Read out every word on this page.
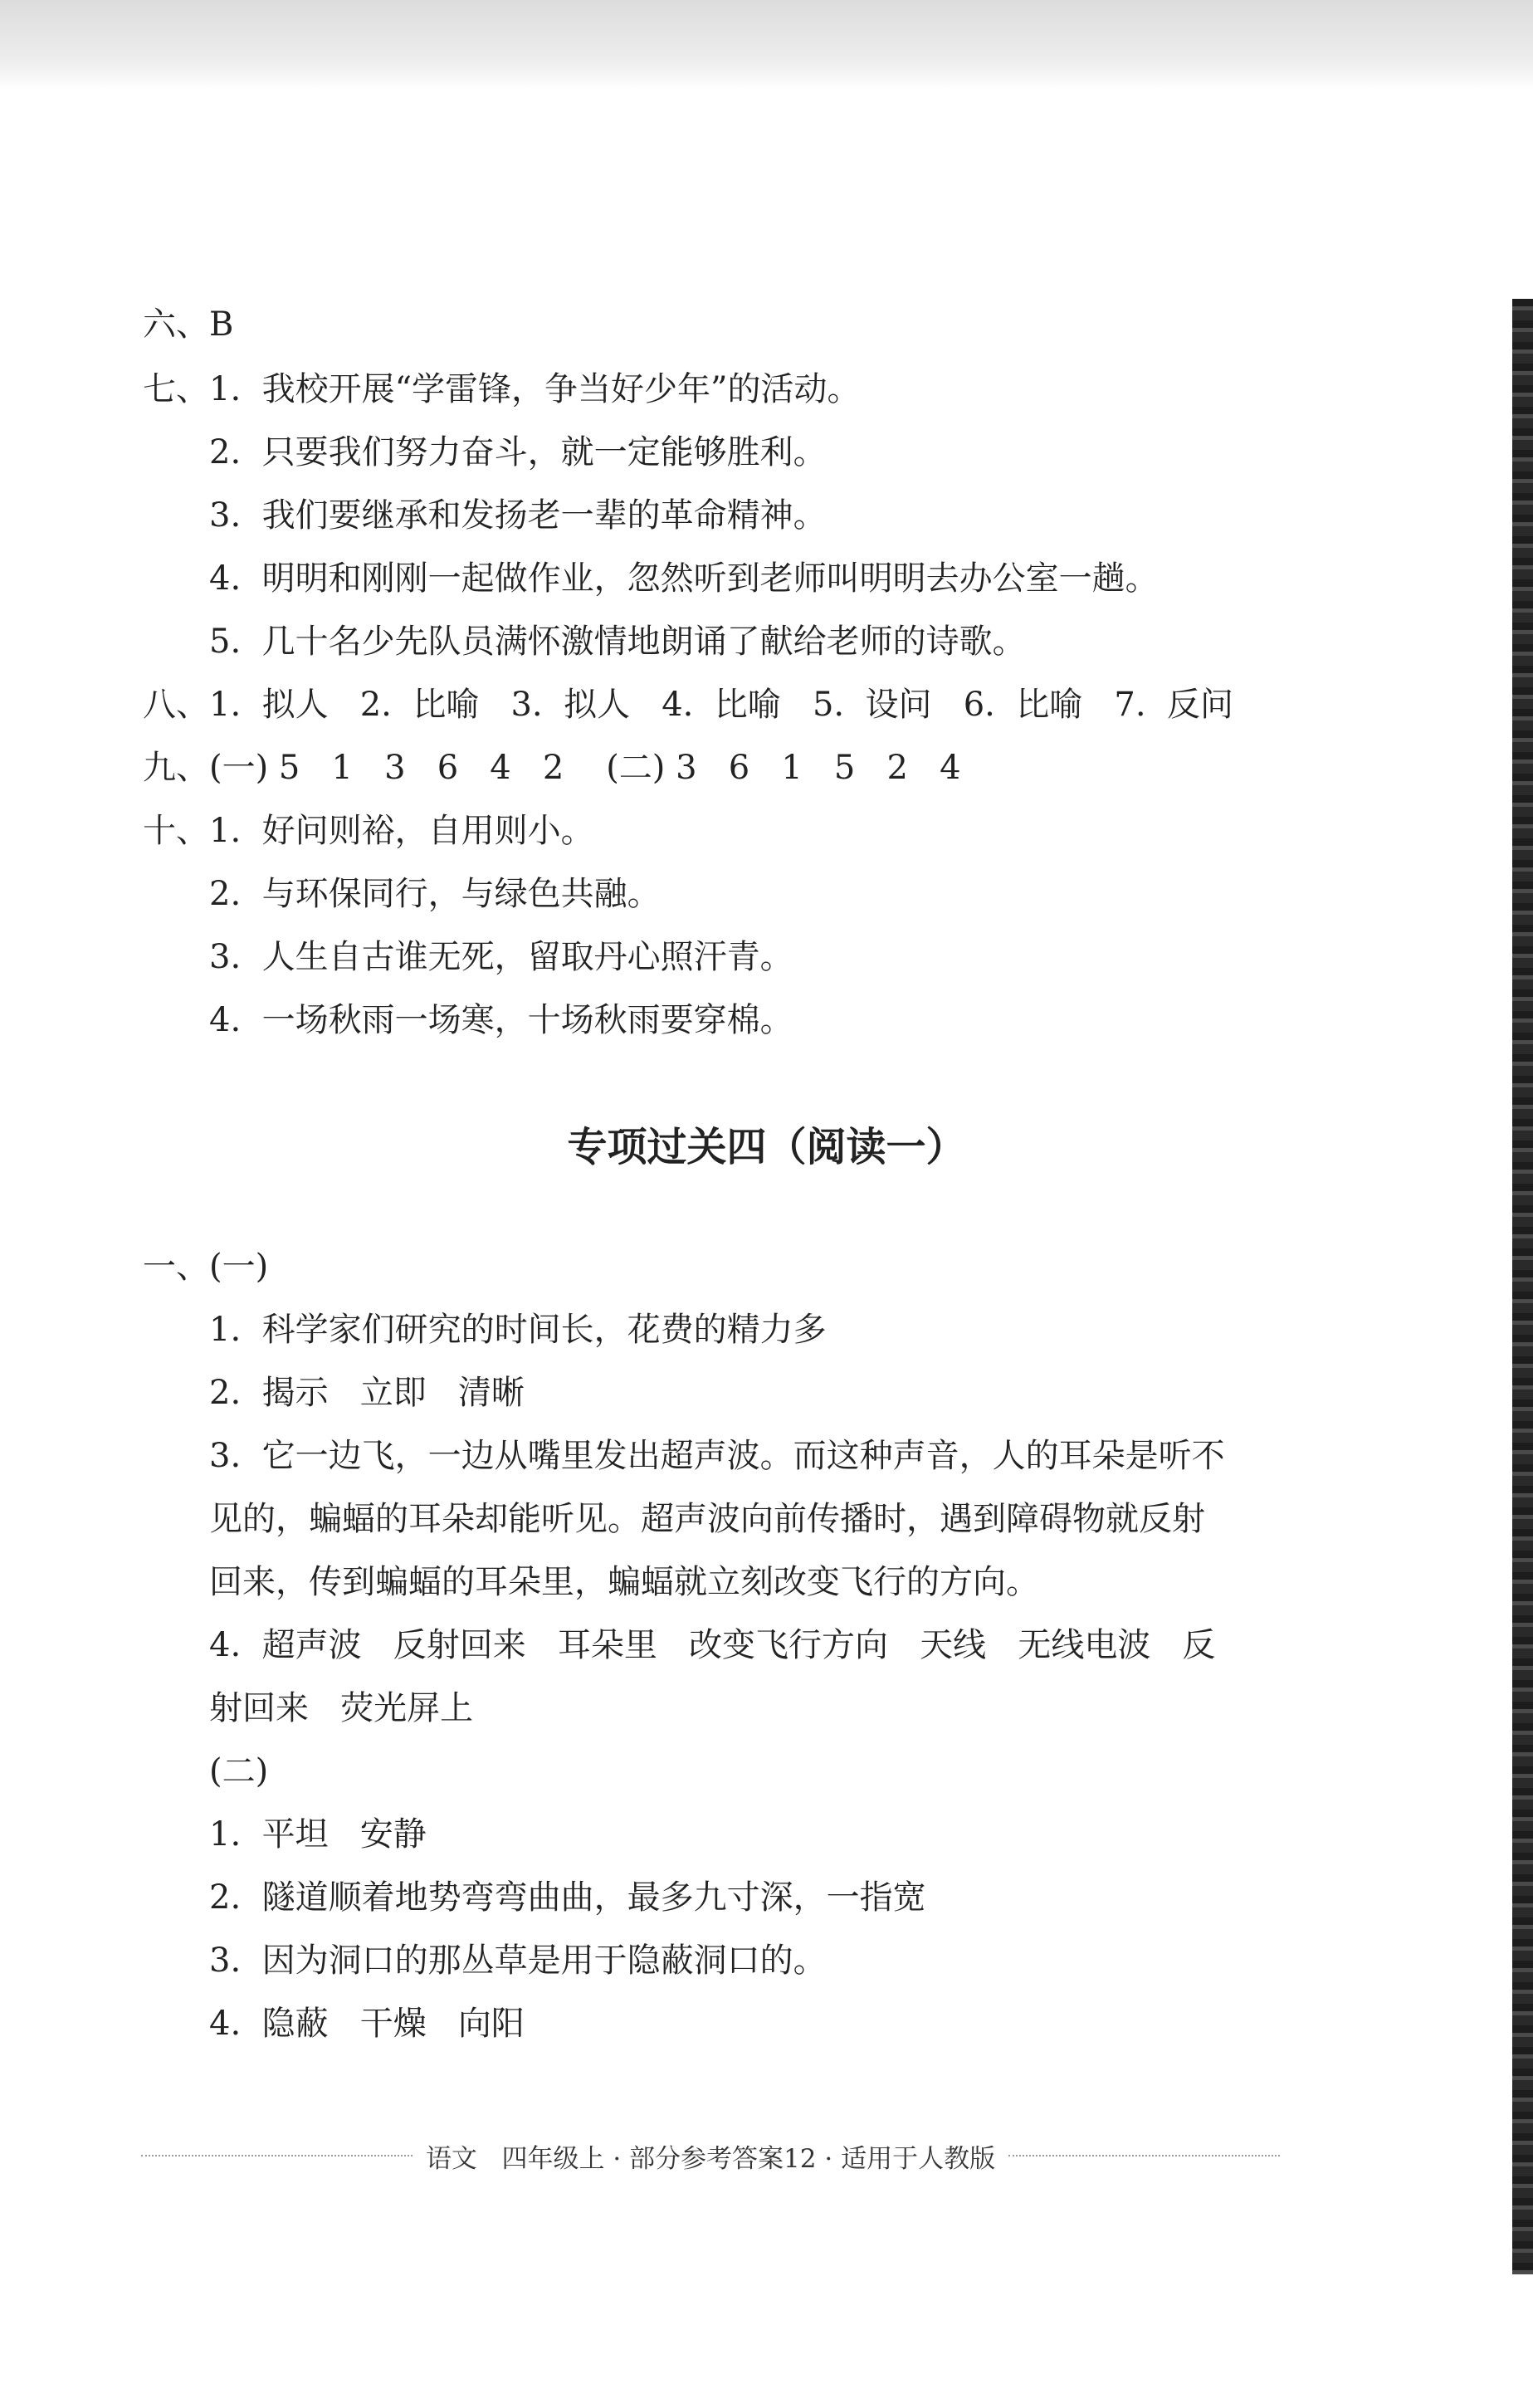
六、B
七、1.  我校开展“学雷锋，争当好少年”的活动。
2.  只要我们努力奋斗，就一定能够胜利。
3.  我们要继承和发扬老一辈的革命精神。
4.  明明和刚刚一起做作业，忽然听到老师叫明明去办公室一趟。
5.  几十名少先队员满怀激情地朗诵了献给老师的诗歌。
八、1.  拟人   2.  比喻   3.  拟人   4.  比喻   5.  设问   6.  比喻   7.  反问
九、(一) 5   1   3   6   4   2    (二) 3   6   1   5   2   4
十、1.  好问则裕，自用则小。
2.  与环保同行，与绿色共融。
3.  人生自古谁无死，留取丹心照汗青。
4.  一场秋雨一场寒，十场秋雨要穿棉。
专项过关四（阅读一）
一、(一)
1.  科学家们研究的时间长，花费的精力多
2.  揭示   立即   清晰
3.  它一边飞，一边从嘴里发出超声波。而这种声音，人的耳朵是听不
见的，蝙蝠的耳朵却能听见。超声波向前传播时，遇到障碍物就反射
回来，传到蝙蝠的耳朵里，蝙蝠就立刻改变飞行的方向。
4.  超声波   反射回来   耳朵里   改变飞行方向   天线   无线电波   反
射回来   荧光屏上
(二)
1.  平坦   安静
2.  隧道顺着地势弯弯曲曲，最多九寸深，一指宽
3.  因为洞口的那丛草是用于隐蔽洞口的。
4.  隐蔽   干燥   向阳
语文   四年级上 · 部分参考答案12 · 适用于人教版
